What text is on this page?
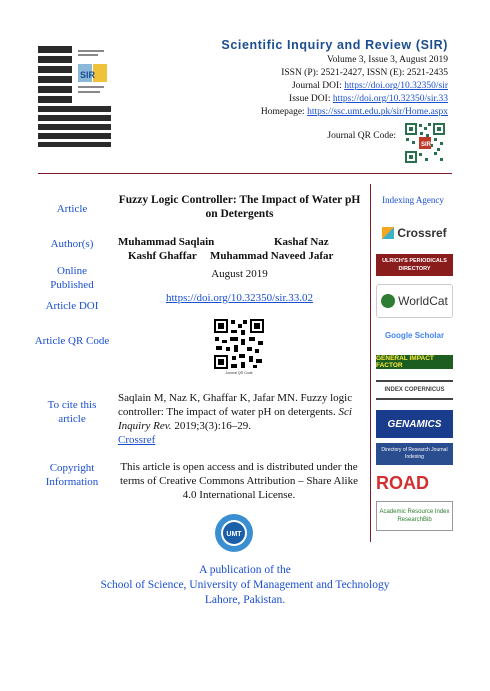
SIR
Scientific Inquiry and Review (SIR)
Volume 3, Issue 3, August 2019
ISSN (P): 2521-2427, ISSN (E): 2521-2435
Journal DOI: https://doi.org/10.32350/sir
Issue DOI: https://doi.org/10.32350/sir.33
Homepage: https://ssc.umt.edu.pk/sir/Home.aspx
Journal QR Code:
SIR
Article
Author(s)
Online Published
Article DOI
Article QR Code
To cite this article
Copyright Information
Fuzzy Logic Controller: The Impact of Water pH on Detergents
Muhammad Saqlain	Kashaf Naz
Kashf Ghaffar Muhammad Naveed Jafar
August 2019
https://doi.org/10.32350/sir.33.02
Journal QR Code
Saqlain M, Naz K, Ghaffar K, Jafar MN. Fuzzy logic controller: The impact of water pH on detergents. Sci Inquiry Rev. 2019;3(3):16–29.
Crossref
This article is open access and is distributed under the terms of Creative Commons Attribution – Share Alike 4.0 International License.
Indexing Agency
Crossref
ULRICH'S PERIODICALS DIRECTORY
WorldCat
Google Scholar
GENERAL IMPACT FACTOR
INDEX COPERNICUS
GENAMICS
Directory of Research Journal Indexing
ROAD
Academic Resource Index ResearchBib
UMT
A publication of the
School of Science, University of Management and Technology
Lahore, Pakistan.
